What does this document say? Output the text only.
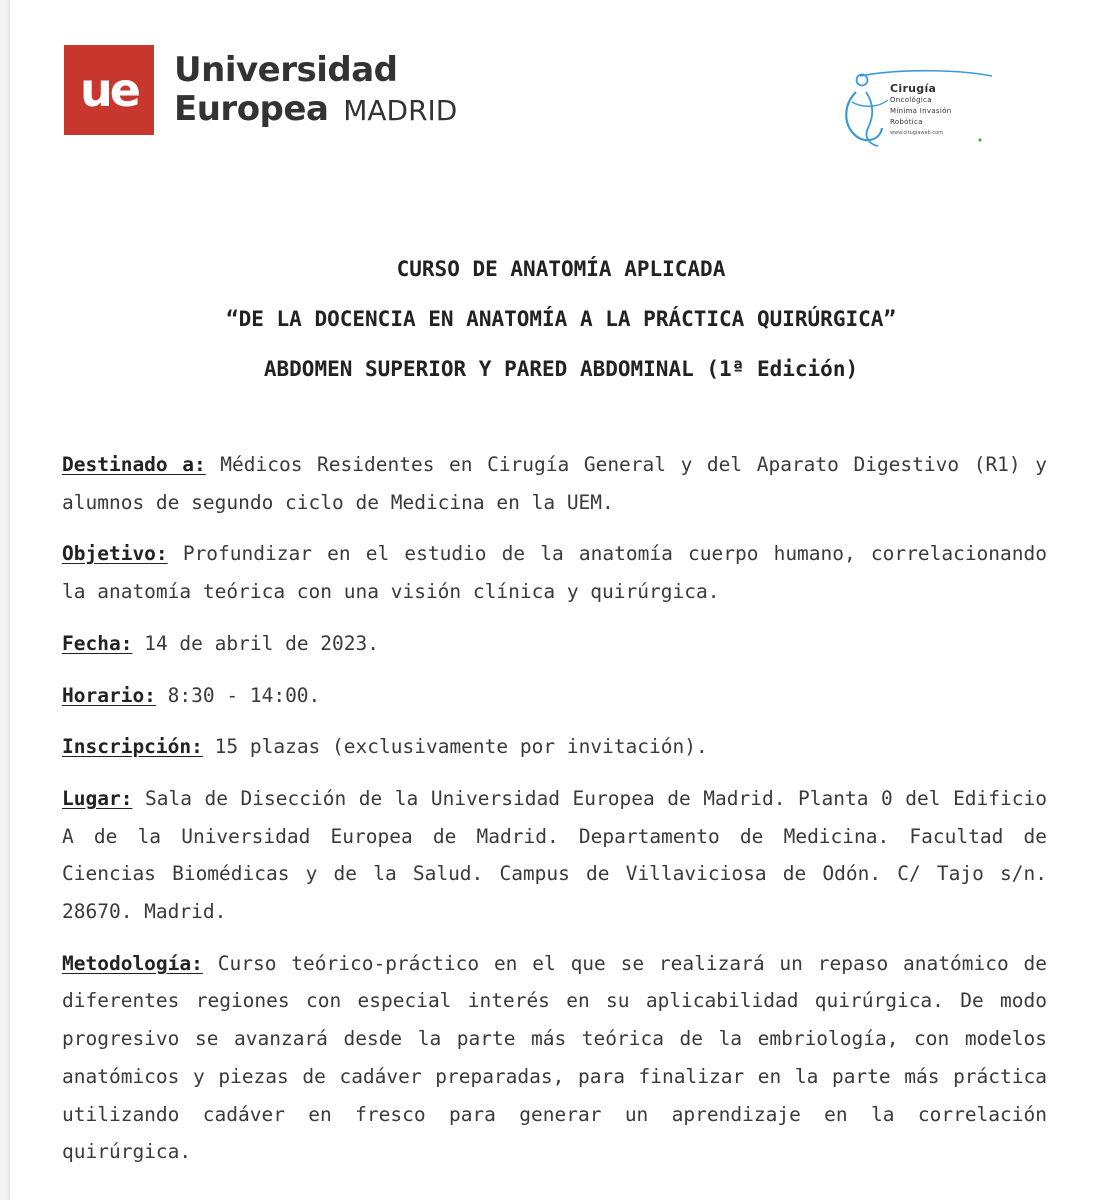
ue	Universidad
Europea MADRID
Cirugía
Oncológica
Mínima Invasión
Robótica
www.cirugiaweb.com
CURSO DE ANATOMÍA APLICADA
“DE LA DOCENCIA EN ANATOMÍA A LA PRÁCTICA QUIRÚRGICA”
ABDOMEN SUPERIOR Y PARED ABDOMINAL (1ª Edición)

Destinado a: Médicos Residentes en Cirugía General y del Aparato Digestivo (R1) y alumnos de segundo ciclo de Medicina en la UEM.

Objetivo: Profundizar en el estudio de la anatomía cuerpo humano, correlacionando la anatomía teórica con una visión clínica y quirúrgica.

Fecha: 14 de abril de 2023.

Horario: 8:30 - 14:00.

Inscripción: 15 plazas (exclusivamente por invitación).

Lugar: Sala de Disección de la Universidad Europea de Madrid. Planta 0 del Edificio A de la Universidad Europea de Madrid. Departamento de Medicina. Facultad de Ciencias Biomédicas y de la Salud. Campus de Villaviciosa de Odón. C/ Tajo s/n. 28670. Madrid.

Metodología: Curso teórico-práctico en el que se realizará un repaso anatómico de diferentes regiones con especial interés en su aplicabilidad quirúrgica. De modo progresivo se avanzará desde la parte más teórica de la embriología, con modelos anatómicos y piezas de cadáver preparadas, para finalizar en la parte más práctica utilizando cadáver en fresco para generar un aprendizaje en la correlación quirúrgica.
